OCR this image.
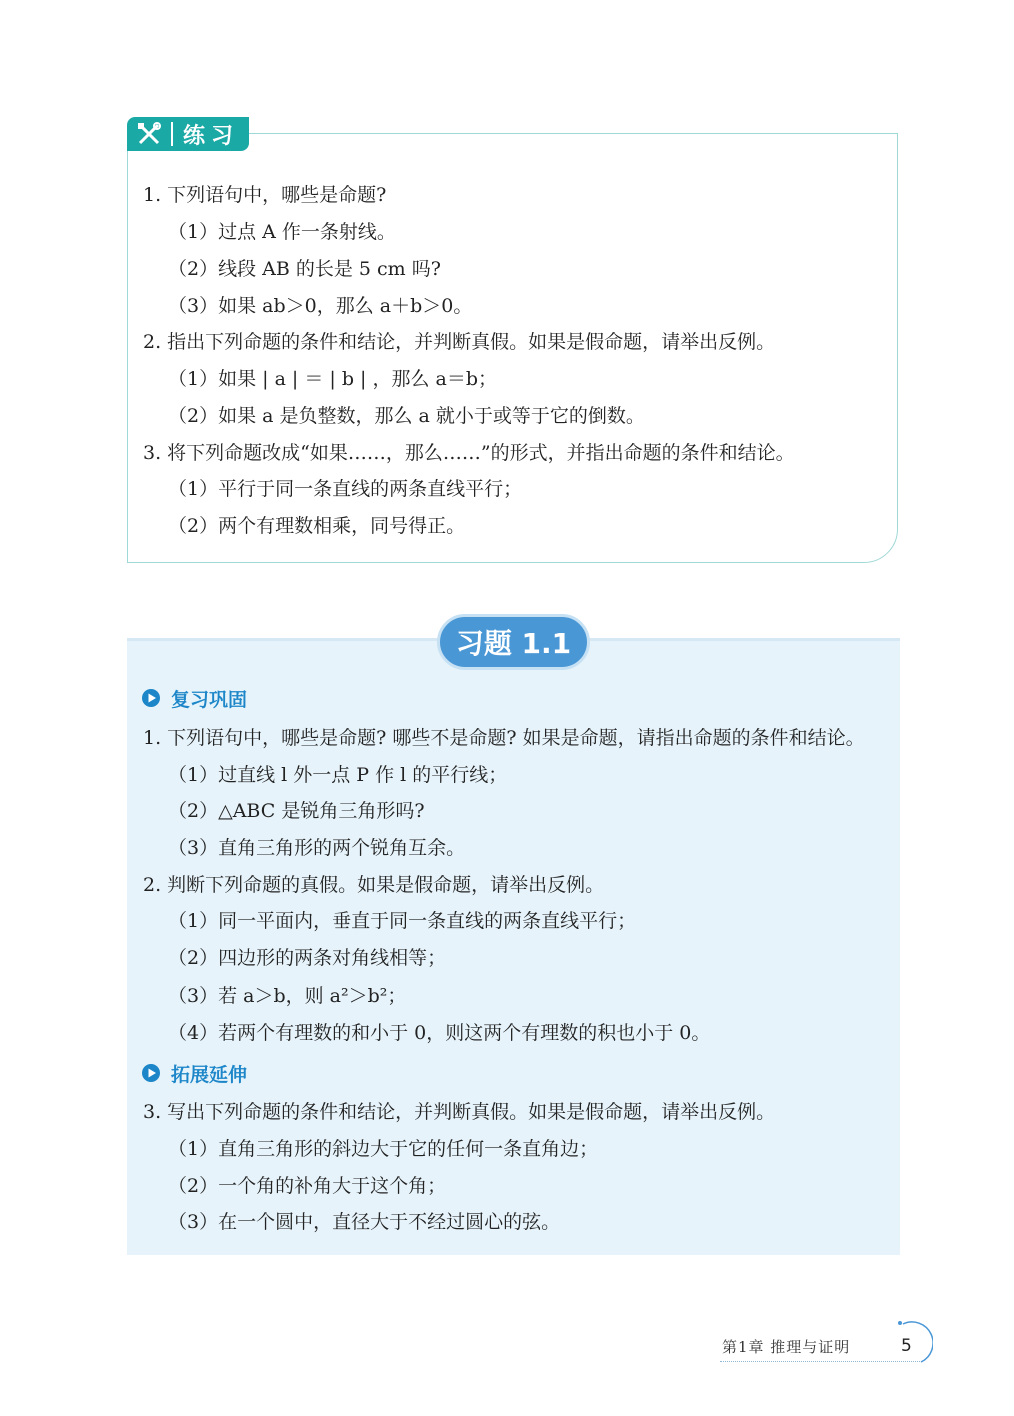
练习
1. 下列语句中，哪些是命题?
（1）过点 A 作一条射线。
（2）线段 AB 的长是 5 cm 吗?
（3）如果 ab＞0，那么 a＋b＞0。
2. 指出下列命题的条件和结论，并判断真假。如果是假命题，请举出反例。
（1）如果 | a | ＝ | b | ，那么 a＝b；
（2）如果 a 是负整数，那么 a 就小于或等于它的倒数。
3. 将下列命题改成“如果……，那么……”的形式，并指出命题的条件和结论。
（1）平行于同一条直线的两条直线平行；
（2）两个有理数相乘，同号得正。
习题 1.1
复习巩固
1. 下列语句中，哪些是命题? 哪些不是命题? 如果是命题，请指出命题的条件和结论。
（1）过直线 l 外一点 P 作 l 的平行线；
（2）△ABC 是锐角三角形吗?
（3）直角三角形的两个锐角互余。
2. 判断下列命题的真假。如果是假命题，请举出反例。
（1）同一平面内，垂直于同一条直线的两条直线平行；
（2）四边形的两条对角线相等；
（3）若 a＞b，则 a²＞b²；
（4）若两个有理数的和小于 0，则这两个有理数的积也小于 0。
拓展延伸
3. 写出下列命题的条件和结论，并判断真假。如果是假命题，请举出反例。
（1）直角三角形的斜边大于它的任何一条直角边；
（2）一个角的补角大于这个角；
（3）在一个圆中，直径大于不经过圆心的弦。
第1章 推理与证明	5
